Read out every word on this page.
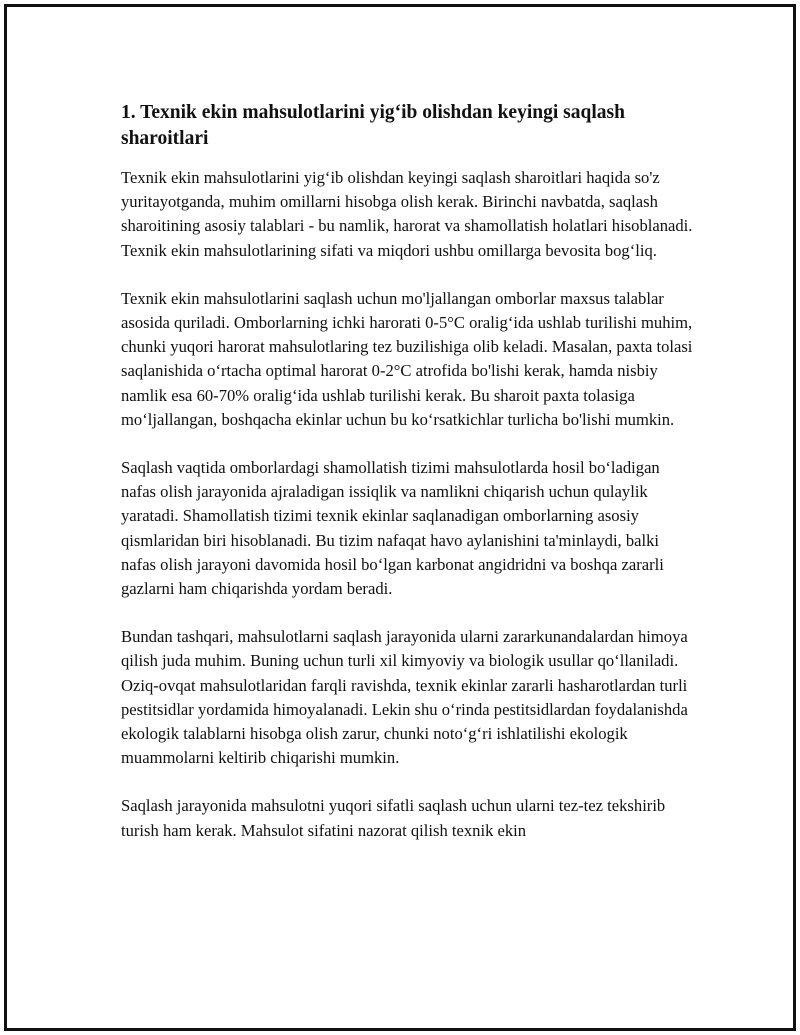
1. Texnik ekin mahsulotlarini yig‘ib olishdan keyingi saqlash sharoitlari

Texnik ekin mahsulotlarini yig‘ib olishdan keyingi saqlash sharoitlari haqida so'z yuritayotganda, muhim omillarni hisobga olish kerak. Birinchi navbatda, saqlash sharoitining asosiy talablari - bu namlik, harorat va shamollatish holatlari hisoblanadi. Texnik ekin mahsulotlarining sifati va miqdori ushbu omillarga bevosita bog‘liq.

Texnik ekin mahsulotlarini saqlash uchun mo'ljallangan omborlar maxsus talablar asosida quriladi. Omborlarning ichki harorati 0-5°C oralig‘ida ushlab turilishi muhim, chunki yuqori harorat mahsulotlaring tez buzilishiga olib keladi. Masalan, paxta tolasi saqlanishida o‘rtacha optimal harorat 0-2°C atrofida bo'lishi kerak, hamda nisbiy namlik esa 60-70% oralig‘ida ushlab turilishi kerak. Bu sharoit paxta tolasiga mo‘ljallangan, boshqacha ekinlar uchun bu ko‘rsatkichlar turlicha bo'lishi mumkin.

Saqlash vaqtida omborlardagi shamollatish tizimi mahsulotlarda hosil bo‘ladigan nafas olish jarayonida ajraladigan issiqlik va namlikni chiqarish uchun qulaylik yaratadi. Shamollatish tizimi texnik ekinlar saqlanadigan omborlarning asosiy qismlaridan biri hisoblanadi. Bu tizim nafaqat havo aylanishini ta'minlaydi, balki nafas olish jarayoni davomida hosil bo‘lgan karbonat angidridni va boshqa zararli gazlarni ham chiqarishda yordam beradi.

Bundan tashqari, mahsulotlarni saqlash jarayonida ularni zararkunandalardan himoya qilish juda muhim. Buning uchun turli xil kimyoviy va biologik usullar qo‘llaniladi. Oziq-ovqat mahsulotlaridan farqli ravishda, texnik ekinlar zararli hasharotlardan turli pestitsidlar yordamida himoyalanadi. Lekin shu o‘rinda pestitsidlardan foydalanishda ekologik talablarni hisobga olish zarur, chunki noto‘g‘ri ishlatilishi ekologik muammolarni keltirib chiqarishi mumkin.

Saqlash jarayonida mahsulotni yuqori sifatli saqlash uchun ularni tez-tez tekshirib turish ham kerak. Mahsulot sifatini nazorat qilish texnik ekin
